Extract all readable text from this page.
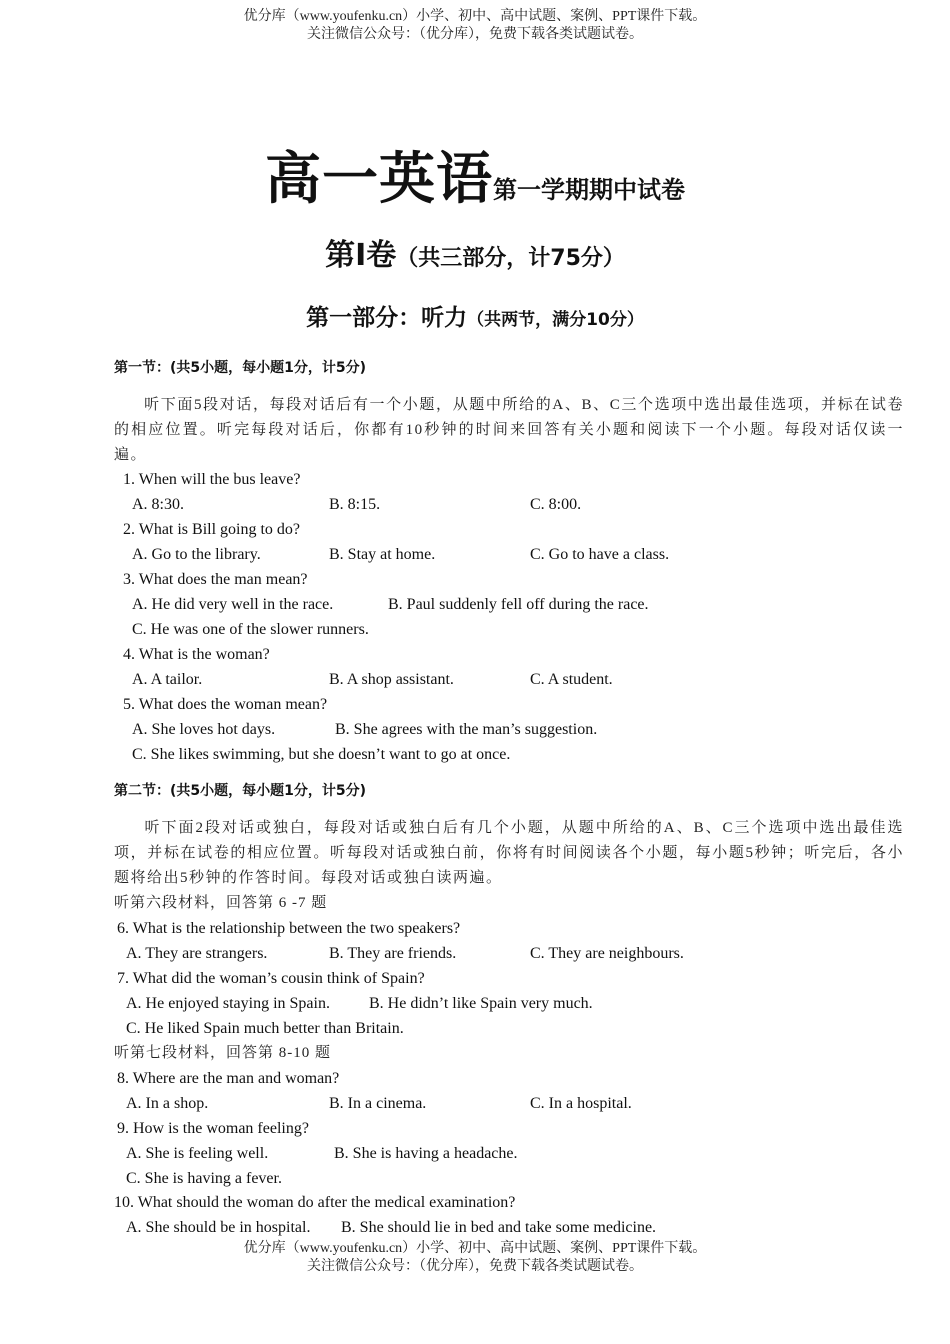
优分库（www.youfenku.cn）小学、初中、高中试题、案例、PPT课件下载。
关注微信公众号：（优分库），免费下载各类试题试卷。
高一英语第一学期期中试卷
第Ⅰ卷（共三部分，计75分）
第一部分：听力（共两节，满分10分）
第一节：(共5小题，每小题1分，计5分)
听下面5段对话，每段对话后有一个小题，从题中所给的A、B、C三个选项中选出最佳选项，并标在试卷的相应位置。听完每段对话后，你都有10秒钟的时间来回答有关小题和阅读下一个小题。每段对话仅读一遍。
1. When will the bus leave?
A. 8:30.	B. 8:15.	C. 8:00.
2. What is Bill going to do?
A. Go to the library.	B. Stay at home.	C. Go to have a class.
3. What does the man mean?
A. He did very well in the race.	B. Paul suddenly fell off during the race.
C. He was one of the slower runners.
4. What is the woman?
A. A tailor.	B. A shop assistant.	C. A student.
5. What does the woman mean?
A. She loves hot days.	B. She agrees with the man’s suggestion.
C. She likes swimming, but she doesn’t want to go at once.
第二节：(共5小题，每小题1分，计5分)
听下面2段对话或独白，每段对话或独白后有几个小题，从题中所给的A、B、C三个选项中选出最佳选项，并标在试卷的相应位置。听每段对话或独白前，你将有时间阅读各个小题，每小题5秒钟；听完后，各小题将给出5秒钟的作答时间。每段对话或独白读两遍。
听第六段材料，回答第 6 -7 题
6. What is the relationship between the two speakers?
A. They are strangers.	B. They are friends.	C. They are neighbours.
7. What did the woman’s cousin think of Spain?
A. He enjoyed staying in Spain. B. He didn’t like Spain very much.
C. He liked Spain much better than Britain.
听第七段材料，回答第 8-10 题
8. Where are the man and woman?
A. In a shop.	B. In a cinema.	C. In a hospital.
9. How is the woman feeling?
A. She is feeling well.	B. She is having a headache.
C. She is having a fever.
10. What should the woman do after the medical examination?
A. She should be in hospital. B. She should lie in bed and take some medicine.
优分库（www.youfenku.cn）小学、初中、高中试题、案例、PPT课件下载。
关注微信公众号：（优分库），免费下载各类试题试卷。
